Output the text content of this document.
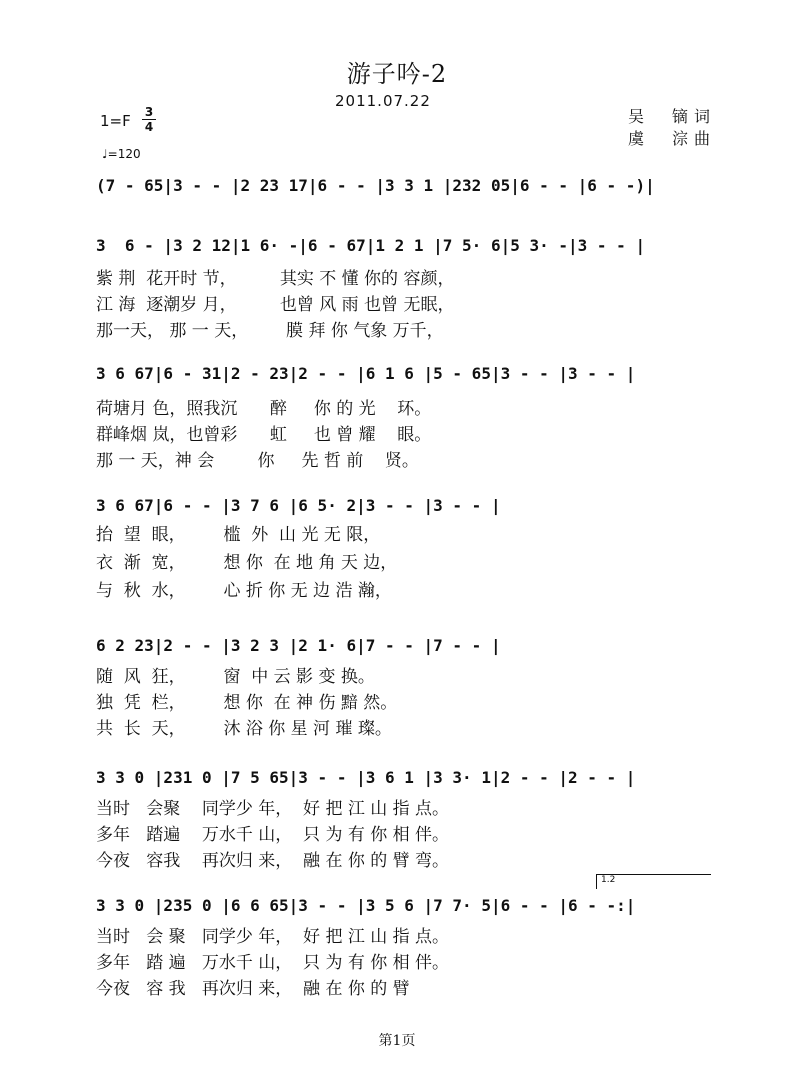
游子吟-2
2011.07.22
1=F 3
4
♩=120
吴　镝词
虞　淙曲
(7 - 65|3 - - |2 23 17|6 - - |3 3 1 |232 05|6 - - |6 - -)|
3  6 - |3 2 12|1 6· -|6 - 67|1 2 1 |7 5· 6|5 3· -|3 - - |
紫 荆  花开时 节，        其实 不 懂 你的 容颜，
江 海  逐潮岁 月，        也曾 风 雨 也曾 无眠，
那一天， 那 一 天，       膜 拜 你 气象 万千，
3 6 67|6 - 31|2 - 23|2 - - |6 1 6 |5 - 65|3 - - |3 - - |
荷塘月 色，照我沉      醉     你 的 光    环。
群峰烟 岚，也曾彩      虹     也 曾 耀    眼。
那 一 天，神 会        你     先 哲 前    贤。
3 6 67|6 - - |3 7 6 |6 5· 2|3 - - |3 - - |
抬  望  眼，       槛  外  山 光 无 限，
衣  渐  宽，       想 你  在 地 角 天 边，
与  秋  水，       心 折 你 无 边 浩 瀚，
6 2 23|2 - - |3 2 3 |2 1· 6|7 - - |7 - - |
随  风  狂，       窗  中 云 影 变 换。
独  凭  栏，       想 你  在 神 伤 黯 然。
共  长  天，       沐 浴 你 星 河 璀 璨。
3 3 0 |231 0 |7 5 65|3 - - |3 6 1 |3 3· 1|2 - - |2 - - |
当时   会聚    同学少 年，  好 把 江 山 指 点。
多年   踏遍    万水千 山，  只 为 有 你 相 伴。
今夜   容我    再次归 来，  融 在 你 的 臂 弯。
1.2
3 3 0 |235 0 |6 6 65|3 - - |3 5 6 |7 7· 5|6 - - |6 - -:|
当时   会 聚   同学少 年，  好 把 江 山 指 点。
多年   踏 遍   万水千 山，  只 为 有 你 相 伴。
今夜   容 我   再次归 来，  融 在 你 的 臂
第1页
